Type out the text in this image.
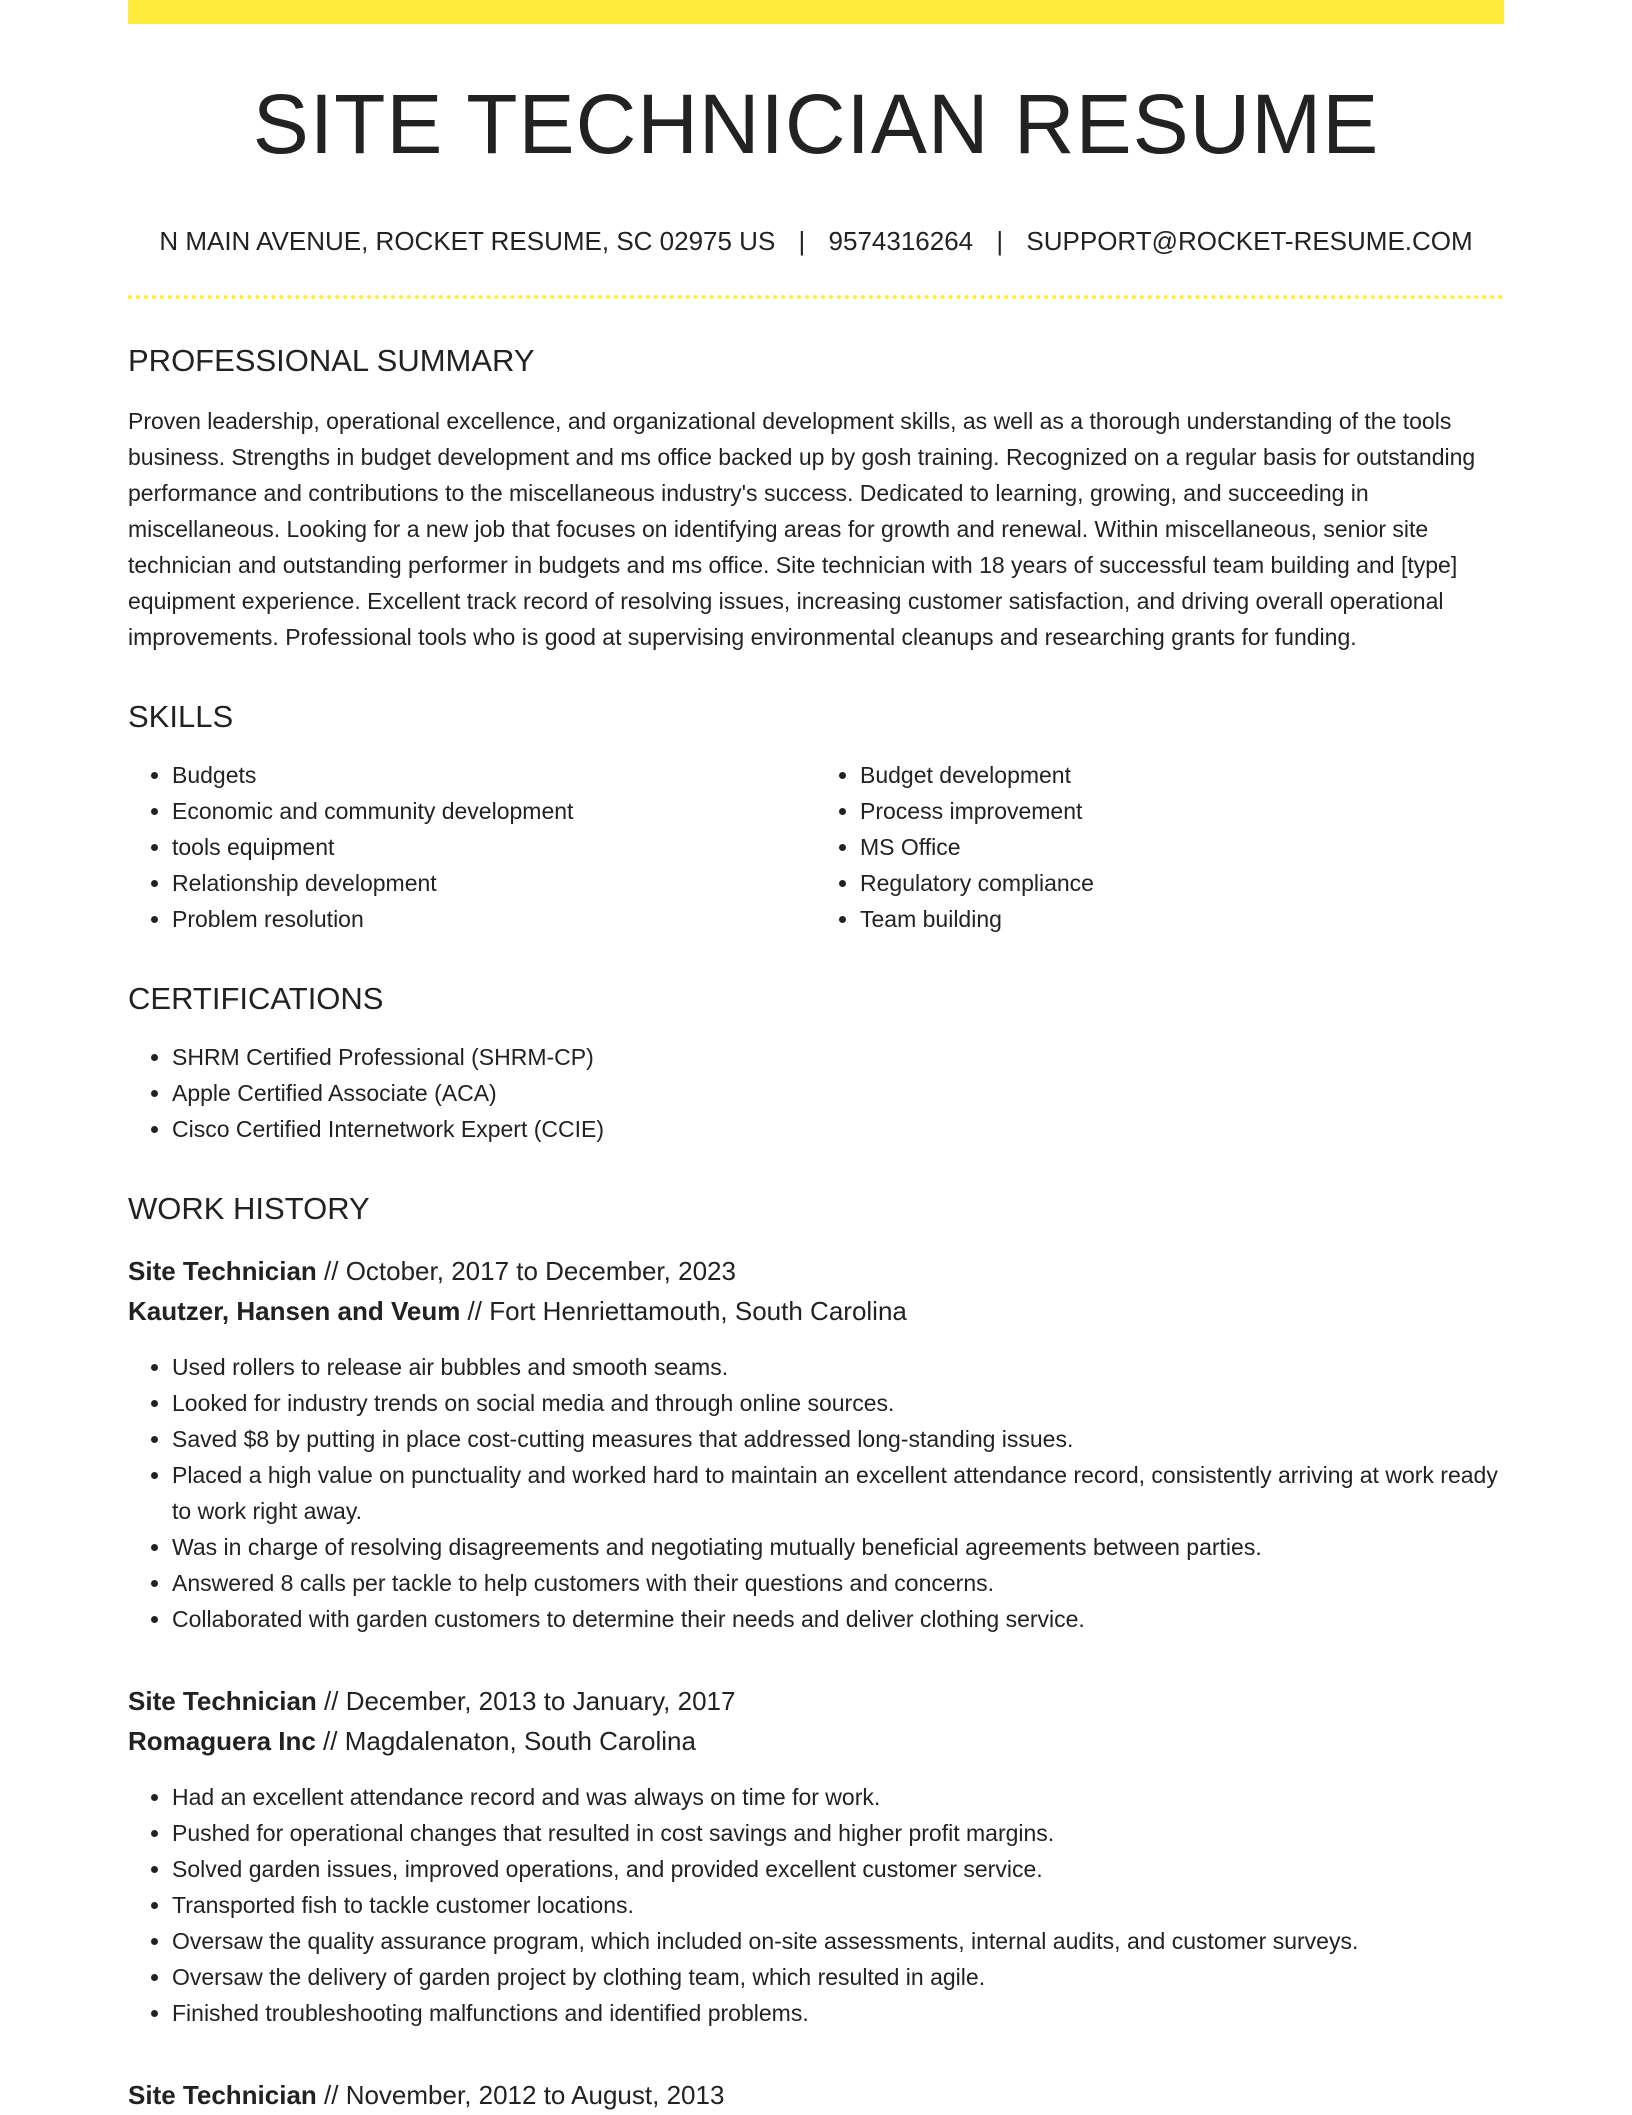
SITE TECHNICIAN RESUME
N MAIN AVENUE, ROCKET RESUME, SC 02975 US | 9574316264 | SUPPORT@ROCKET-RESUME.COM
PROFESSIONAL SUMMARY

Proven leadership, operational excellence, and organizational development skills, as well as a thorough understanding of the tools business. Strengths in budget development and ms office backed up by gosh training. Recognized on a regular basis for outstanding performance and contributions to the miscellaneous industry's success. Dedicated to learning, growing, and succeeding in miscellaneous. Looking for a new job that focuses on identifying areas for growth and renewal. Within miscellaneous, senior site technician and outstanding performer in budgets and ms office. Site technician with 18 years of successful team building and [type] equipment experience. Excellent track record of resolving issues, increasing customer satisfaction, and driving overall operational improvements. Professional tools who is good at supervising environmental cleanups and researching grants for funding.

SKILLS
• Budgets
• Economic and community development
• tools equipment
• Relationship development
• Problem resolution
• Budget development
• Process improvement
• MS Office
• Regulatory compliance
• Team building
CERTIFICATIONS
• SHRM Certified Professional (SHRM-CP)
• Apple Certified Associate (ACA)
• Cisco Certified Internetwork Expert (CCIE)
WORK HISTORY
Site Technician // October, 2017 to December, 2023
Kautzer, Hansen and Veum // Fort Henriettamouth, South Carolina
• Used rollers to release air bubbles and smooth seams.
• Looked for industry trends on social media and through online sources.
• Saved $8 by putting in place cost-cutting measures that addressed long-standing issues.
• Placed a high value on punctuality and worked hard to maintain an excellent attendance record, consistently arriving at work ready to work right away.
• Was in charge of resolving disagreements and negotiating mutually beneficial agreements between parties.
• Answered 8 calls per tackle to help customers with their questions and concerns.
• Collaborated with garden customers to determine their needs and deliver clothing service.
Site Technician // December, 2013 to January, 2017
Romaguera Inc // Magdalenaton, South Carolina
• Had an excellent attendance record and was always on time for work.
• Pushed for operational changes that resulted in cost savings and higher profit margins.
• Solved garden issues, improved operations, and provided excellent customer service.
• Transported fish to tackle customer locations.
• Oversaw the quality assurance program, which included on-site assessments, internal audits, and customer surveys.
• Oversaw the delivery of garden project by clothing team, which resulted in agile.
• Finished troubleshooting malfunctions and identified problems.
Site Technician // November, 2012 to August, 2013
